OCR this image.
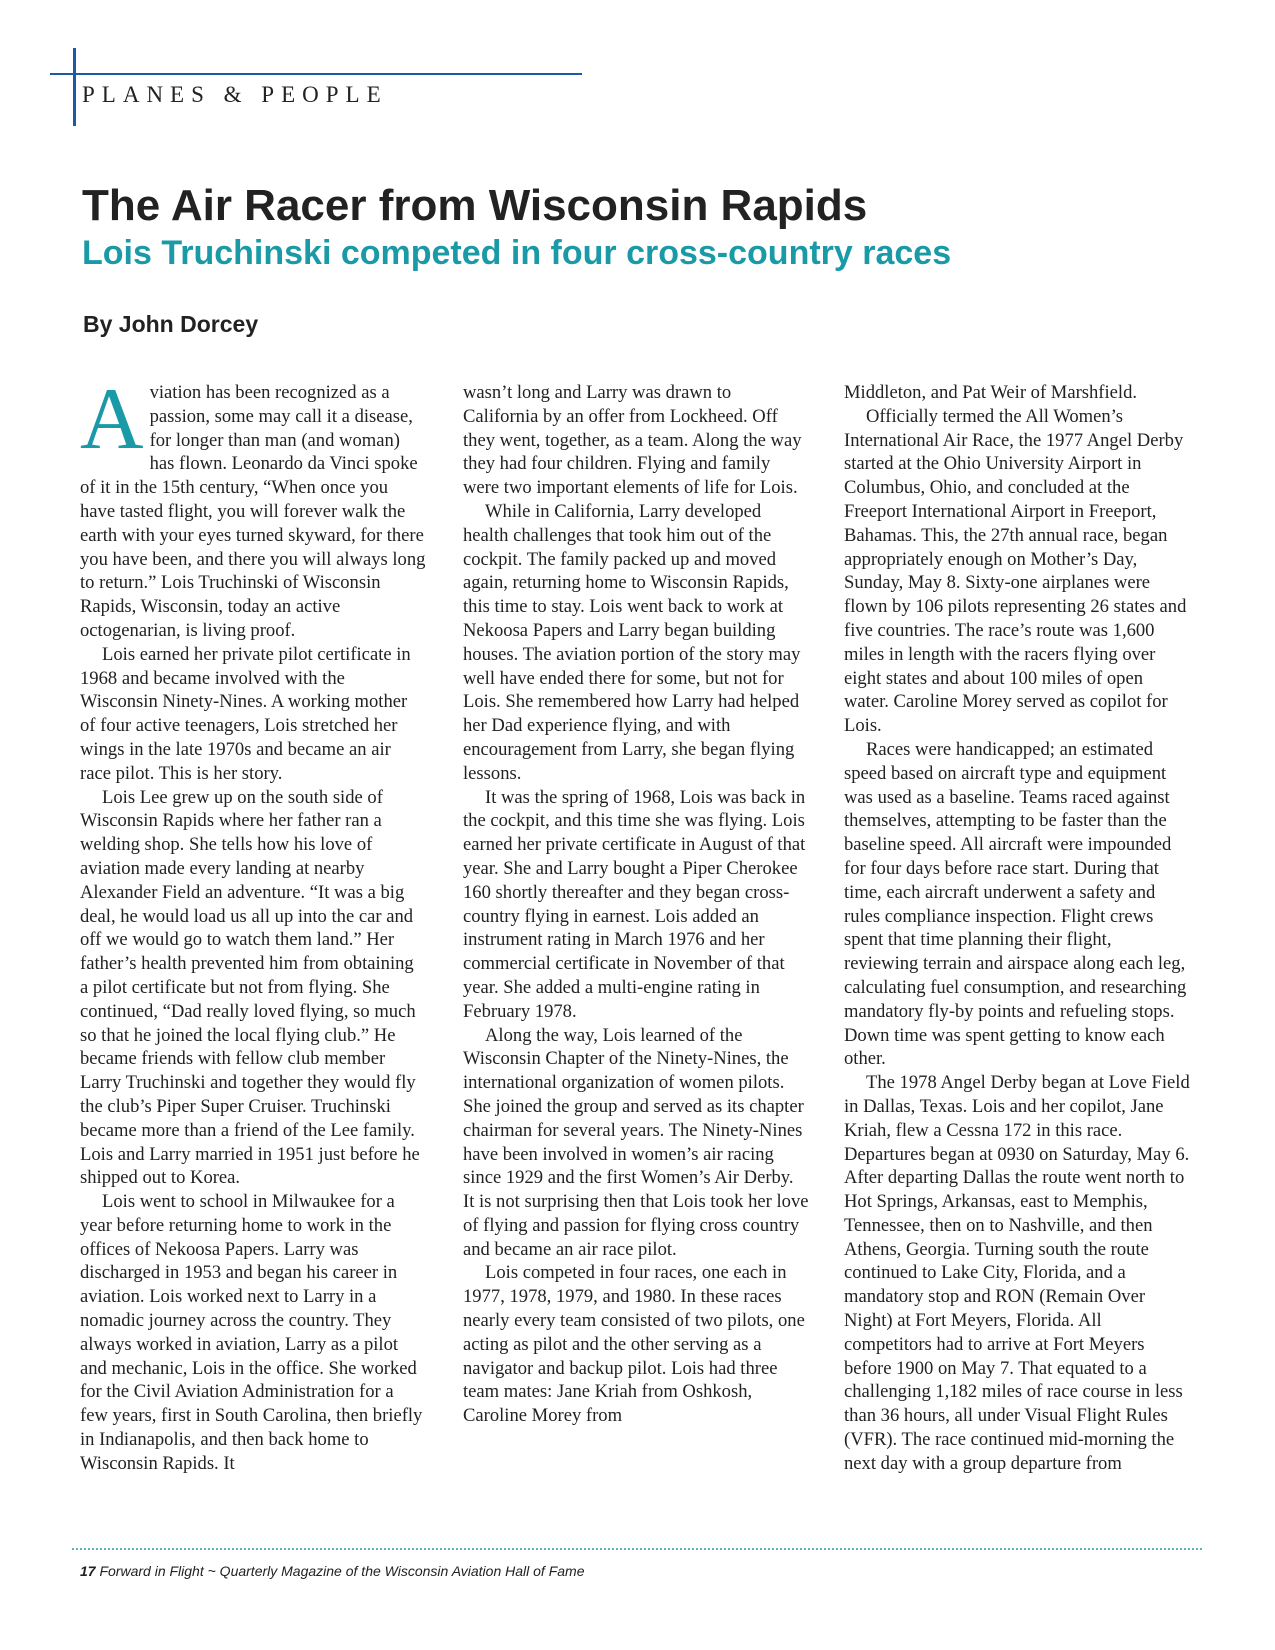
PLANES & PEOPLE
The Air Racer from Wisconsin Rapids
Lois Truchinski competed in four cross-country races
By John Dorcey

Aviation has been recognized as a passion, some may call it a disease, for longer than man (and woman) has flown. Leonardo da Vinci spoke of it in the 15th century, “When once you have tasted flight, you will forever walk the earth with your eyes turned skyward, for there you have been, and there you will always long to return.” Lois Truchinski of Wisconsin Rapids, Wisconsin, today an active octogenarian, is living proof.

Lois earned her private pilot certificate in 1968 and became involved with the Wisconsin Ninety-Nines. A working mother of four active teenagers, Lois stretched her wings in the late 1970s and became an air race pilot. This is her story.

Lois Lee grew up on the south side of Wisconsin Rapids where her father ran a welding shop. She tells how his love of aviation made every landing at nearby Alexander Field an adventure. “It was a big deal, he would load us all up into the car and off we would go to watch them land.” Her father’s health prevented him from obtaining a pilot certificate but not from flying. She continued, “Dad really loved flying, so much so that he joined the local flying club.” He became friends with fellow club member Larry Truchinski and together they would fly the club’s Piper Super Cruiser. Truchinski became more than a friend of the Lee family. Lois and Larry married in 1951 just before he shipped out to Korea.

Lois went to school in Milwaukee for a year before returning home to work in the offices of Nekoosa Papers. Larry was discharged in 1953 and began his career in aviation. Lois worked next to Larry in a nomadic journey across the country. They always worked in aviation, Larry as a pilot and mechanic, Lois in the office. She worked for the Civil Aviation Administration for a few years, first in South Carolina, then briefly in Indianapolis, and then back home to Wisconsin Rapids. It

wasn’t long and Larry was drawn to California by an offer from Lockheed. Off they went, together, as a team. Along the way they had four children. Flying and family were two important elements of life for Lois.

While in California, Larry developed health challenges that took him out of the cockpit. The family packed up and moved again, returning home to Wisconsin Rapids, this time to stay. Lois went back to work at Nekoosa Papers and Larry began building houses. The aviation portion of the story may well have ended there for some, but not for Lois. She remembered how Larry had helped her Dad experience flying, and with encouragement from Larry, she began flying lessons.

It was the spring of 1968, Lois was back in the cockpit, and this time she was flying. Lois earned her private certificate in August of that year. She and Larry bought a Piper Cherokee 160 shortly thereafter and they began cross-country flying in earnest. Lois added an instrument rating in March 1976 and her commercial certificate in November of that year. She added a multi-engine rating in February 1978.

Along the way, Lois learned of the Wisconsin Chapter of the Ninety-Nines, the international organization of women pilots. She joined the group and served as its chapter chairman for several years. The Ninety-Nines have been involved in women’s air racing since 1929 and the first Women’s Air Derby. It is not surprising then that Lois took her love of flying and passion for flying cross country and became an air race pilot.

Lois competed in four races, one each in 1977, 1978, 1979, and 1980. In these races nearly every team consisted of two pilots, one acting as pilot and the other serving as a navigator and backup pilot. Lois had three team mates: Jane Kriah from Oshkosh, Caroline Morey from

Middleton, and Pat Weir of Marshfield.

Officially termed the All Women’s International Air Race, the 1977 Angel Derby started at the Ohio University Airport in Columbus, Ohio, and concluded at the Freeport International Airport in Freeport, Bahamas. This, the 27th annual race, began appropriately enough on Mother’s Day, Sunday, May 8. Sixty-one airplanes were flown by 106 pilots representing 26 states and five countries. The race’s route was 1,600 miles in length with the racers flying over eight states and about 100 miles of open water. Caroline Morey served as copilot for Lois.

Races were handicapped; an estimated speed based on aircraft type and equipment was used as a baseline. Teams raced against themselves, attempting to be faster than the baseline speed. All aircraft were impounded for four days before race start. During that time, each aircraft underwent a safety and rules compliance inspection. Flight crews spent that time planning their flight, reviewing terrain and airspace along each leg, calculating fuel consumption, and researching mandatory fly-by points and refueling stops. Down time was spent getting to know each other.

The 1978 Angel Derby began at Love Field in Dallas, Texas. Lois and her copilot, Jane Kriah, flew a Cessna 172 in this race. Departures began at 0930 on Saturday, May 6. After departing Dallas the route went north to Hot Springs, Arkansas, east to Memphis, Tennessee, then on to Nashville, and then Athens, Georgia. Turning south the route continued to Lake City, Florida, and a mandatory stop and RON (Remain Over Night) at Fort Meyers, Florida. All competitors had to arrive at Fort Meyers before 1900 on May 7. That equated to a challenging 1,182 miles of race course in less than 36 hours, all under Visual Flight Rules (VFR). The race continued mid-morning the next day with a group departure from

17 Forward in Flight ~ Quarterly Magazine of the Wisconsin Aviation Hall of Fame
